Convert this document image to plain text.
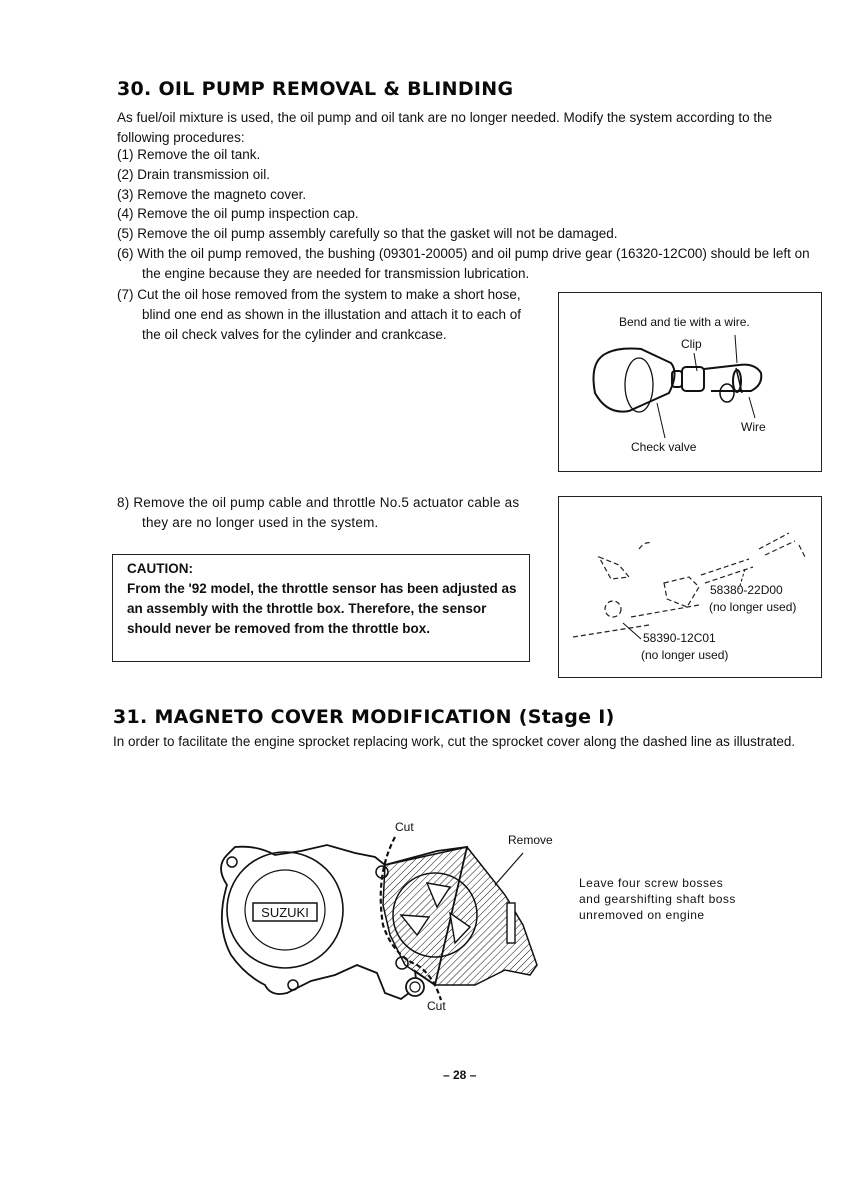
30. OIL PUMP REMOVAL & BLINDING
As fuel/oil mixture is used, the oil pump and oil tank are no longer needed. Modify the system according to the following procedures:
(1) Remove the oil tank.
(2) Drain transmission oil.
(3) Remove the magneto cover.
(4) Remove the oil pump inspection cap.
(5) Remove the oil pump assembly carefully so that the gasket will not be damaged.
(6) With the oil pump removed, the bushing (09301-20005) and oil pump drive gear (16320-12C00) should be left on the engine because they are needed for transmission lubrication.
(7) Cut the oil hose removed from the system to make a short hose, blind one end as shown in the illustation and attach it to each of the oil check valves for the cylinder and crankcase.
Bend and tie with a wire.
Clip
Wire
Check valve
8) Remove the oil pump cable and throttle No.5 actuator cable as they are no longer used in the system.
CAUTION:
From the '92 model, the throttle sensor has been adjusted as an assembly with the throttle box. Therefore, the sensor should never be removed from the throttle box.
58380-22D00
(no longer used)
58390-12C01
(no longer used)
31. MAGNETO COVER MODIFICATION (Stage I)
In order to facilitate the engine sprocket replacing work, cut the sprocket cover along the dashed line as illustrated.
SUZUKI
Cut
Remove
Cut
Leave four screw bosses and gearshifting shaft boss unremoved on engine
– 28 –
